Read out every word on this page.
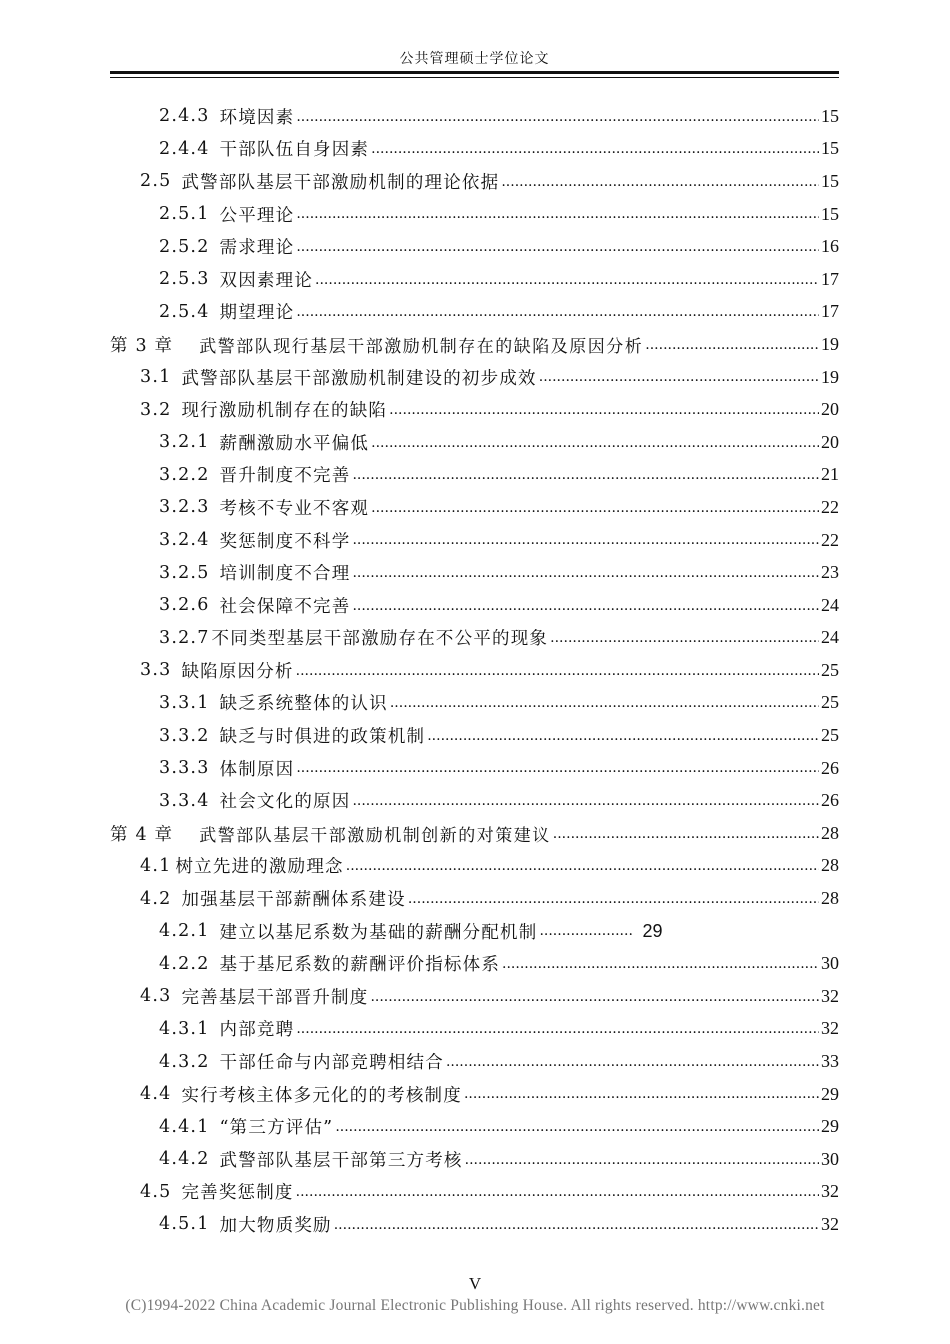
公共管理硕士学位论文
2.4.3 环境因素 .....	15
2.4.4 干部队伍自身因素 .....	15
2.5 武警部队基层干部激励机制的理论依据 .....	15
2.5.1 公平理论 .....	15
2.5.2 需求理论 .....	16
2.5.3 双因素理论 .....	17
2.5.4 期望理论 .....	17
第 3 章 武警部队现行基层干部激励机制存在的缺陷及原因分析 .....	19
3.1 武警部队基层干部激励机制建设的初步成效 .....	19
3.2 现行激励机制存在的缺陷 .....	20
3.2.1 薪酬激励水平偏低 .....	20
3.2.2 晋升制度不完善 .....	21
3.2.3 考核不专业不客观 .....	22
3.2.4 奖惩制度不科学 .....	22
3.2.5 培训制度不合理 .....	23
3.2.6 社会保障不完善 .....	24
3.2.7 不同类型基层干部激励存在不公平的现象 .....	24
3.3 缺陷原因分析 .....	25
3.3.1 缺乏系统整体的认识 .....	25
3.3.2 缺乏与时俱进的政策机制 .....	25
3.3.3 体制原因 .....	26
3.3.4 社会文化的原因 .....	26
第 4 章 武警部队基层干部激励机制创新的对策建议 .....	28
4.1 树立先进的激励理念 .....	28
4.2 加强基层干部薪酬体系建设 .....	28
4.2.1 建立以基尼系数为基础的薪酬分配机制 .....	29
4.2.2 基于基尼系数的薪酬评价指标体系 .....	30
4.3 完善基层干部晋升制度 .....	32
4.3.1 内部竞聘 .....	32
4.3.2 干部任命与内部竞聘相结合 .....	33
4.4 实行考核主体多元化的的考核制度 .....	29
4.4.1 “第三方评估” .....	29
4.4.2 武警部队基层干部第三方考核 .....	30
4.5 完善奖惩制度 .....	32
4.5.1 加大物质奖励 .....	32
V
(C)1994-2022 China Academic Journal Electronic Publishing House. All rights reserved. http://www.cnki.net
